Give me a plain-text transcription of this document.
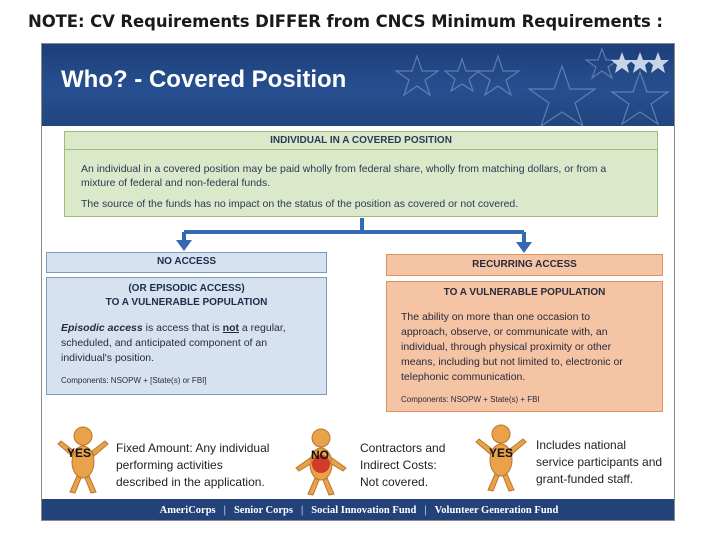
NOTE: CV Requirements DIFFER from CNCS Minimum Requirements :
Who? - Covered Position
INDIVIDUAL IN A COVERED POSITION

An individual in a covered position may be paid wholly from federal share, wholly from matching dollars, or from a

mixture of federal and non-federal funds.

The source of the funds has no impact on the status of the position as covered or not covered.

NO ACCESS
(OR EPISODIC ACCESS)
TO A VULNERABLE POPULATION
Episodic access is access that is not a regular,
scheduled, and anticipated component of an
individual's position.
Components: NSOPW + [State(s) or FBI]
RECURRING ACCESS
TO A VULNERABLE POPULATION
The ability on more than one occasion to
approach, observe, or communicate with, an
individual, through physical proximity or other
means, including but not limited to, electronic or
telephonic communication.
Components: NSOPW + State(s) + FBI
YES Fixed Amount: Any individual
performing activities
described in the application.
NO	Contractors and
Indirect Costs:
Not covered.
YES
Includes national
service participants and
grant-funded staff.
AmeriCorps | Senior Corps | Social Innovation Fund | Volunteer Generation Fund
